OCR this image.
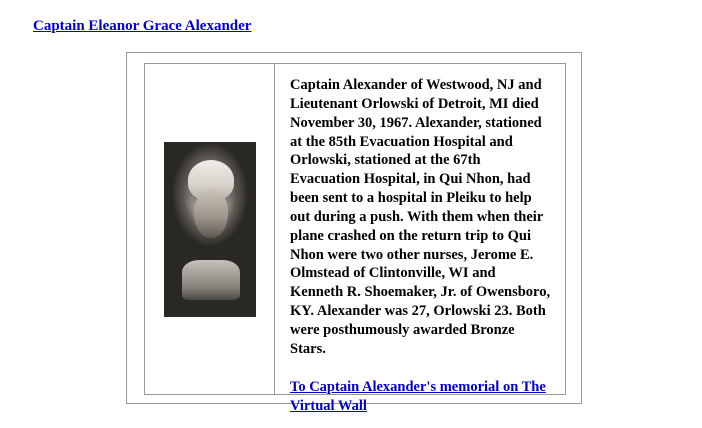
Captain Eleanor Grace Alexander

Captain Alexander of Westwood, NJ and Lieutenant Orlowski of Detroit, MI died November 30, 1967. Alexander, stationed at the 85th Evacuation Hospital and Orlowski, stationed at the 67th Evacuation Hospital, in Qui Nhon, had been sent to a hospital in Pleiku to help out during a push. With them when their plane crashed on the return trip to Qui Nhon were two other nurses, Jerome E. Olmstead of Clintonville, WI and Kenneth R. Shoemaker, Jr. of Owensboro, KY. Alexander was 27, Orlowski 23. Both were posthumously awarded Bronze Stars.

To Captain Alexander's memorial on The Virtual Wall
